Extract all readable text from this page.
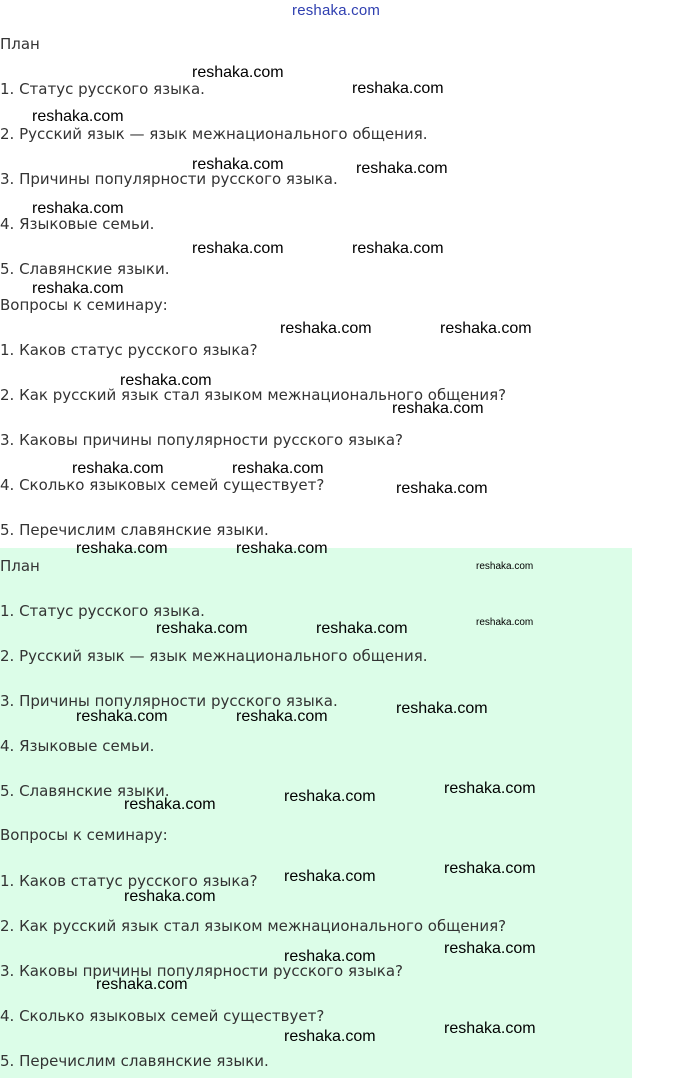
reshaka.com
План
1. Статус русского языка.
2. Русский язык — язык межнационального общения.
3. Причины популярности русского языка.
4. Языковые семьи.
5. Славянские языки.
Вопросы к семинару:
1. Каков статус русского языка?
2. Как русский язык стал языком межнационального общения?
3. Каковы причины популярности русского языка?
4. Сколько языковых семей существует?
5. Перечислим славянские языки.
План
1. Статус русского языка.
2. Русский язык — язык межнационального общения.
3. Причины популярности русского языка.
4. Языковые семьи.
5. Славянские языки.
Вопросы к семинару:
1. Каков статус русского языка?
2. Как русский язык стал языком межнационального общения?
3. Каковы причины популярности русского языка?
4. Сколько языковых семей существует?
5. Перечислим славянские языки.
reshaka.com
reshaka.com
reshaka.com
reshaka.com	reshaka.com
reshaka.com
reshaka.com	reshaka.com
reshaka.com
reshaka.com	reshaka.com
reshaka.com
reshaka.com
reshaka.com	reshaka.com
reshaka.com
reshaka.com	reshaka.com
reshaka.com
reshaka.com
reshaka.com	reshaka.com
reshaka.com
reshaka.com	reshaka.com
reshaka.com
reshaka.com
reshaka.com
reshaka.com
reshaka.com
reshaka.com
reshaka.com
reshaka.com
reshaka.com
reshaka.com
reshaka.com
